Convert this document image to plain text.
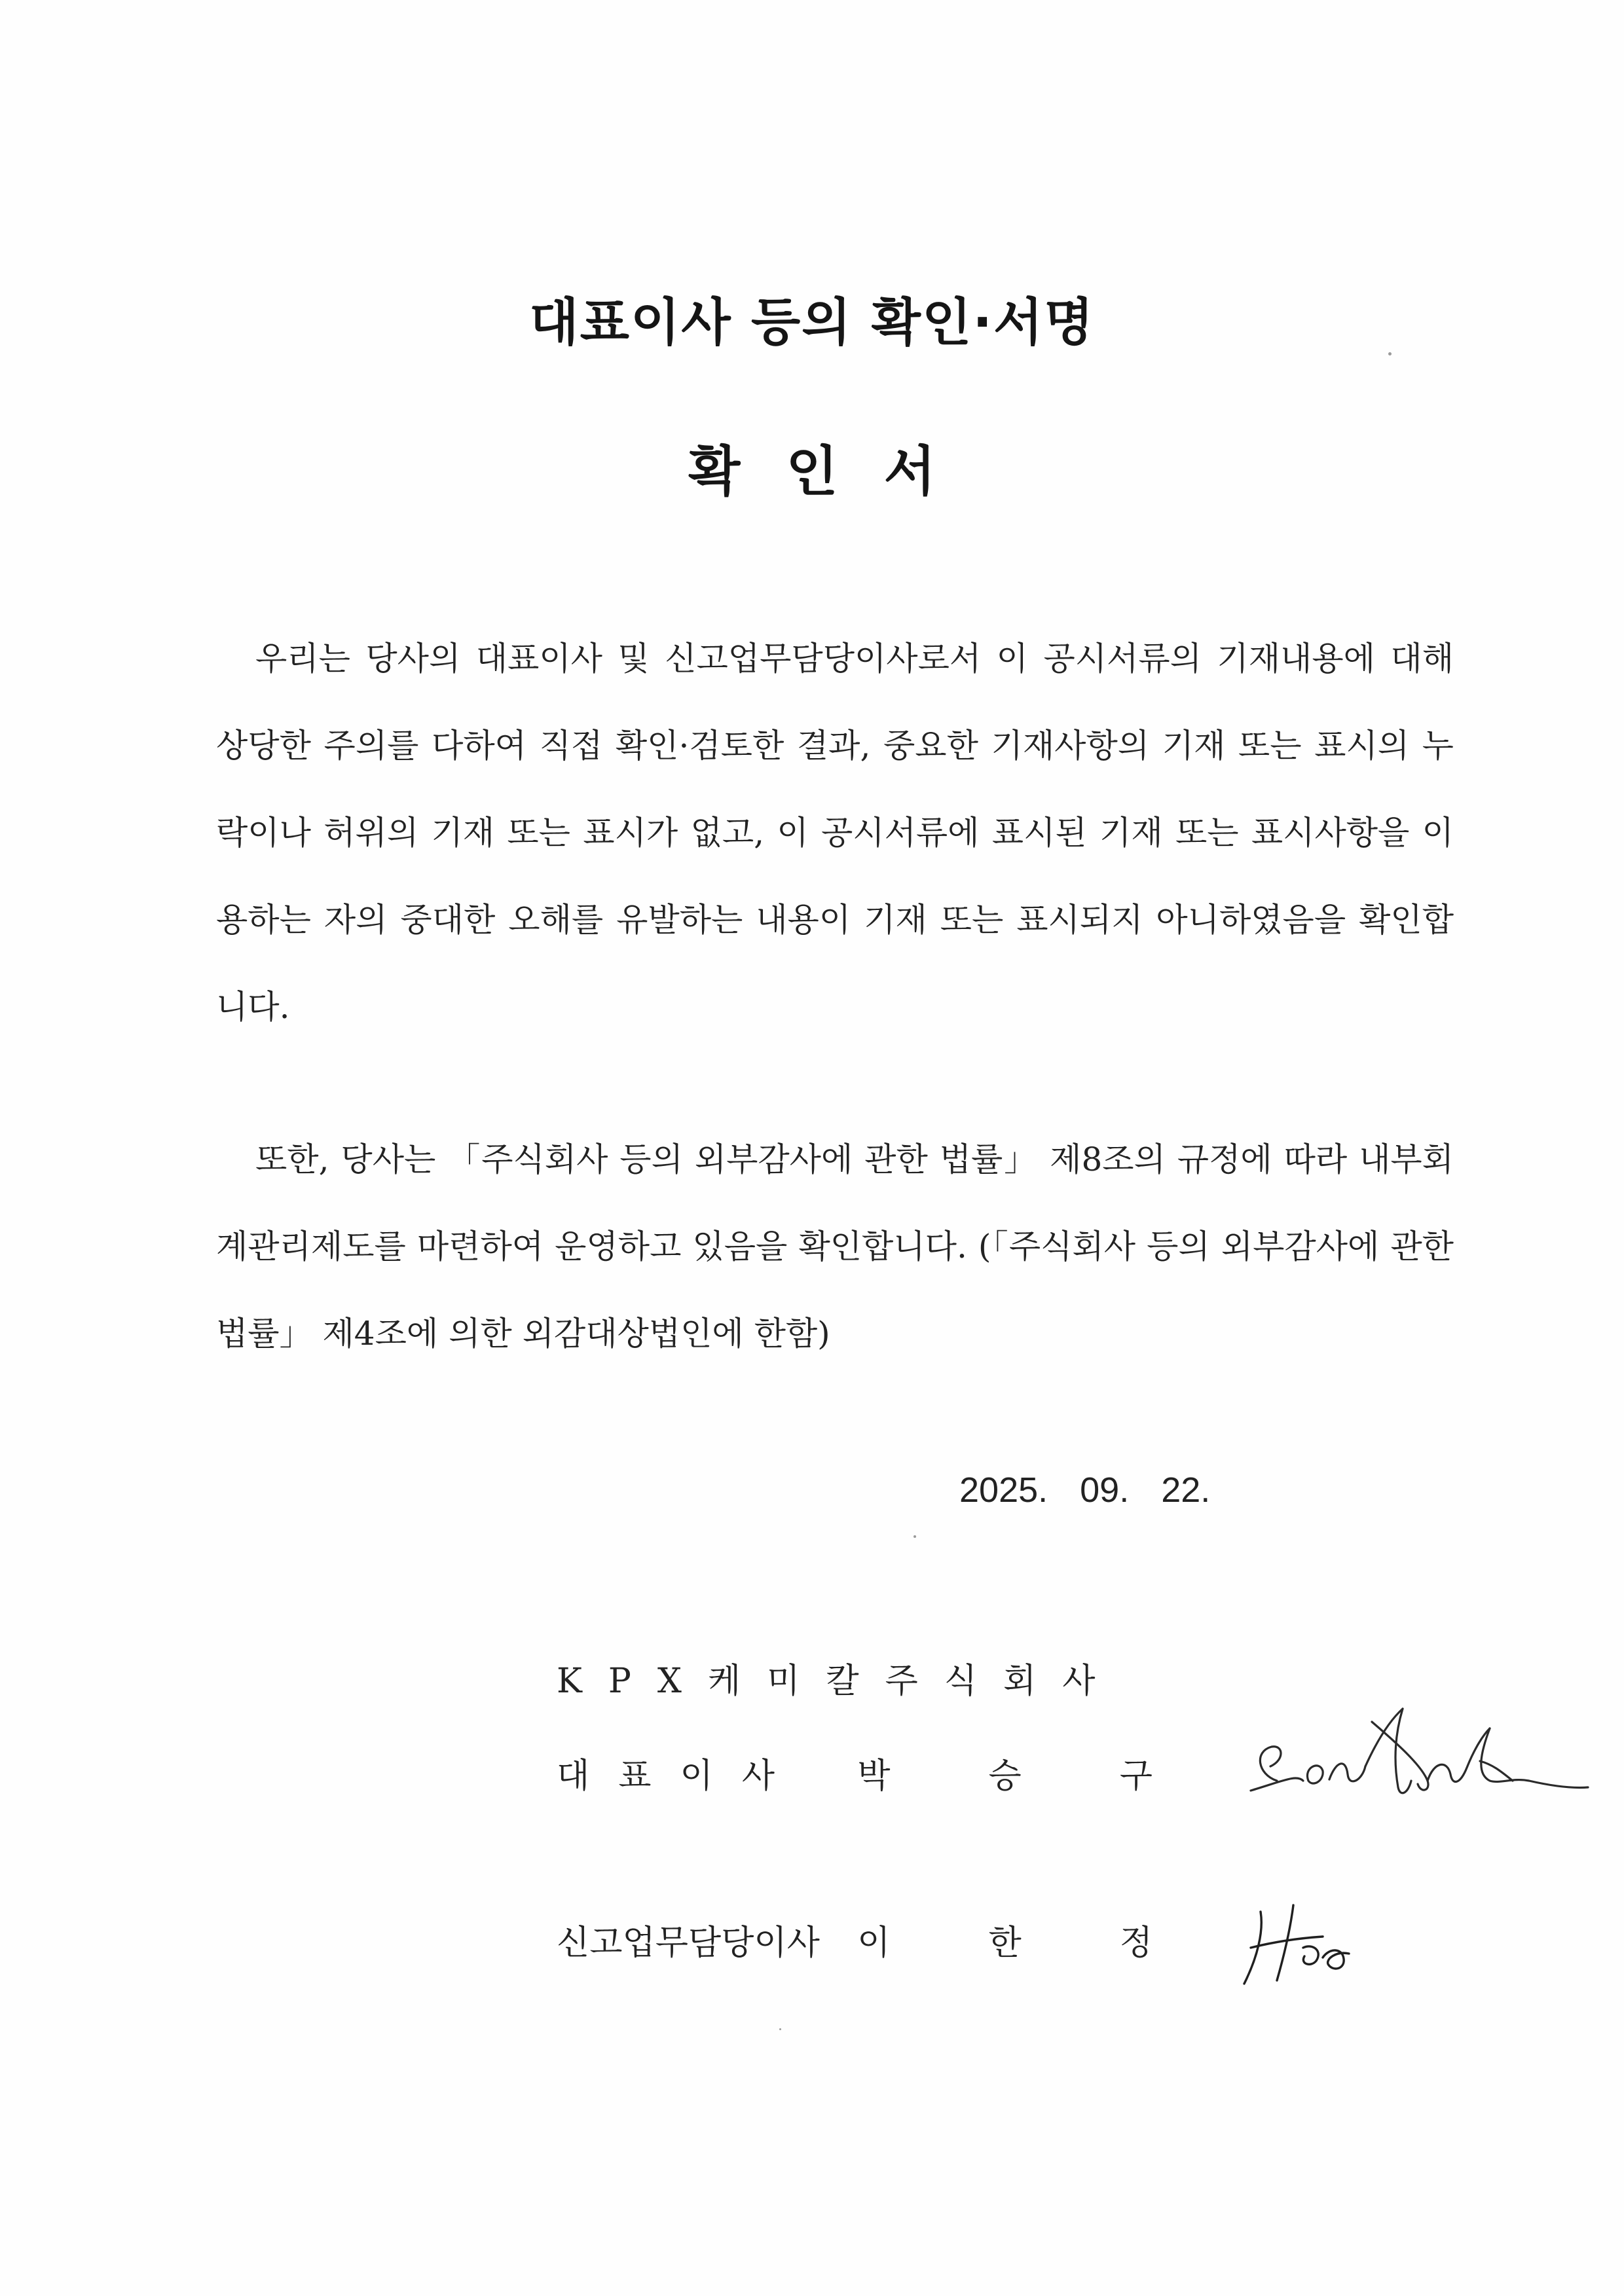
대표이사 등의 확인·서명
확인서
우리는 당사의 대표이사 및 신고업무담당이사로서 이 공시서류의 기재내용에 대해 상당한 주의를 다하여 직접 확인·검토한 결과, 중요한 기재사항의 기재 또는 표시의 누락이나 허위의 기재 또는 표시가 없고, 이 공시서류에 표시된 기재 또는 표시사항을 이용하는 자의 중대한 오해를 유발하는 내용이 기재 또는 표시되지 아니하였음을 확인합니다.
또한, 당사는 「주식회사 등의 외부감사에 관한 법률」 제8조의 규정에 따라 내부회계관리제도를 마련하여 운영하고 있음을 확인합니다. (「주식회사 등의 외부감사에 관한 법률」 제4조에 의한 외감대상법인에 한함)
2025. 09. 22.
KPX케미칼주식회사
대표이사	박승구
신고업무담당이사	이한정
